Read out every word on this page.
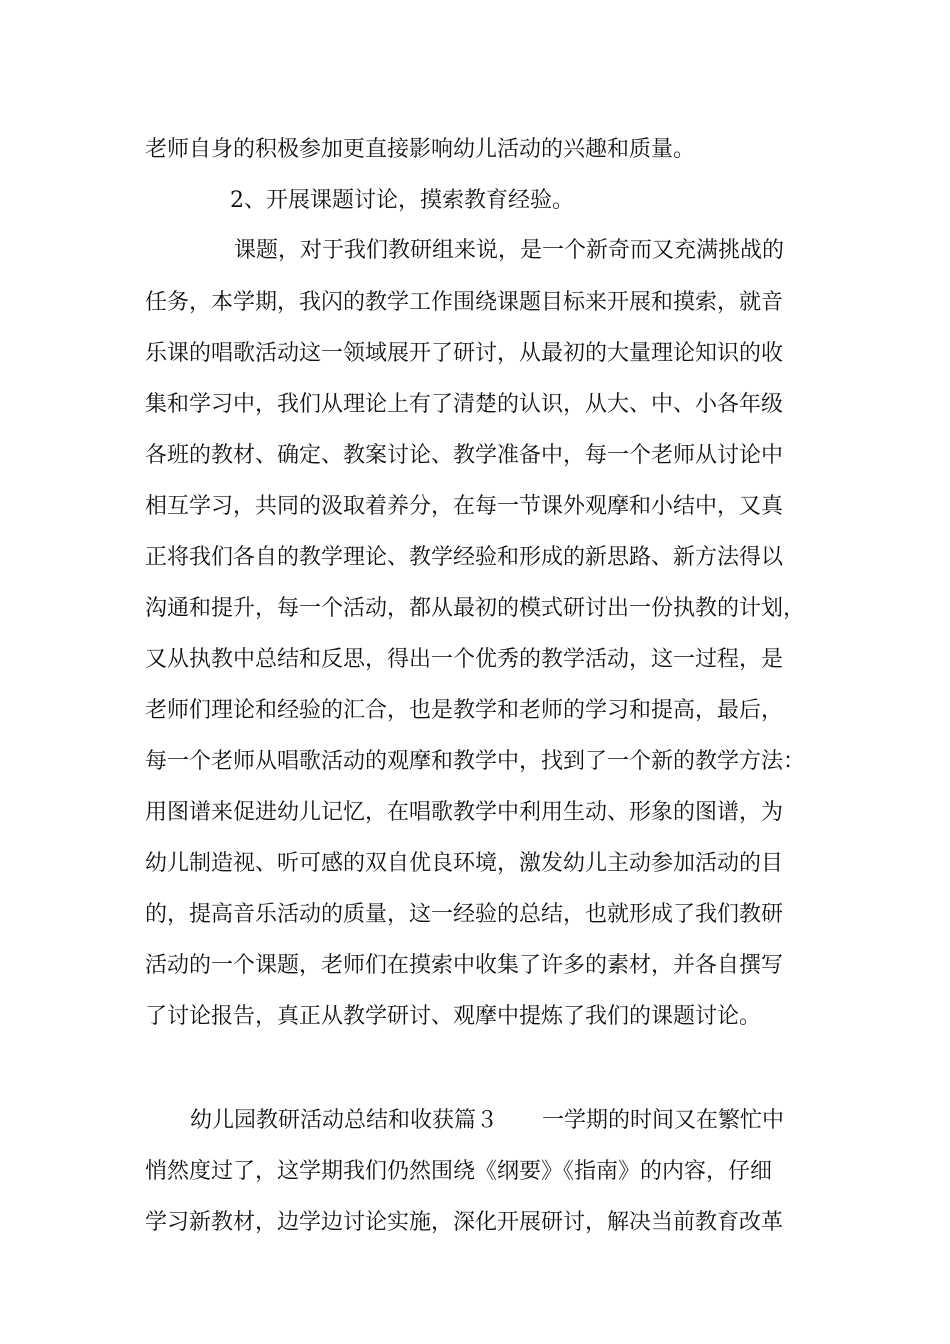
老师自身的积极参加更直接影响幼儿活动的兴趣和质量。
2、开展课题讨论，摸索教育经验。
课题，对于我们教研组来说，是一个新奇而又充满挑战的
任务，本学期，我闪的教学工作围绕课题目标来开展和摸索，就音
乐课的唱歌活动这一领域展开了研讨，从最初的大量理论知识的收
集和学习中，我们从理论上有了清楚的认识，从大、中、小各年级
各班的教材、确定、教案讨论、教学准备中，每一个老师从讨论中
相互学习，共同的汲取着养分，在每一节课外观摩和小结中，又真
正将我们各自的教学理论、教学经验和形成的新思路、新方法得以
沟通和提升，每一个活动，都从最初的模式研讨出一份执教的计划，
又从执教中总结和反思，得出一个优秀的教学活动，这一过程，是
老师们理论和经验的汇合，也是教学和老师的学习和提高，最后，
每一个老师从唱歌活动的观摩和教学中，找到了一个新的教学方法：
用图谱来促进幼儿记忆，在唱歌教学中利用生动、形象的图谱，为
幼儿制造视、听可感的双自优良环境，激发幼儿主动参加活动的目
的，提高音乐活动的质量，这一经验的总结，也就形成了我们教研
活动的一个课题，老师们在摸索中收集了许多的素材，并各自撰写
了讨论报告，真正从教学研讨、观摩中提炼了我们的课题讨论。
幼儿园教研活动总结和收获篇３　　一学期的时间又在繁忙中
悄然度过了，这学期我们仍然围绕《纲要》《指南》的内容，仔细
学习新教材，边学边讨论实施，深化开展研讨，解决当前教育改革
